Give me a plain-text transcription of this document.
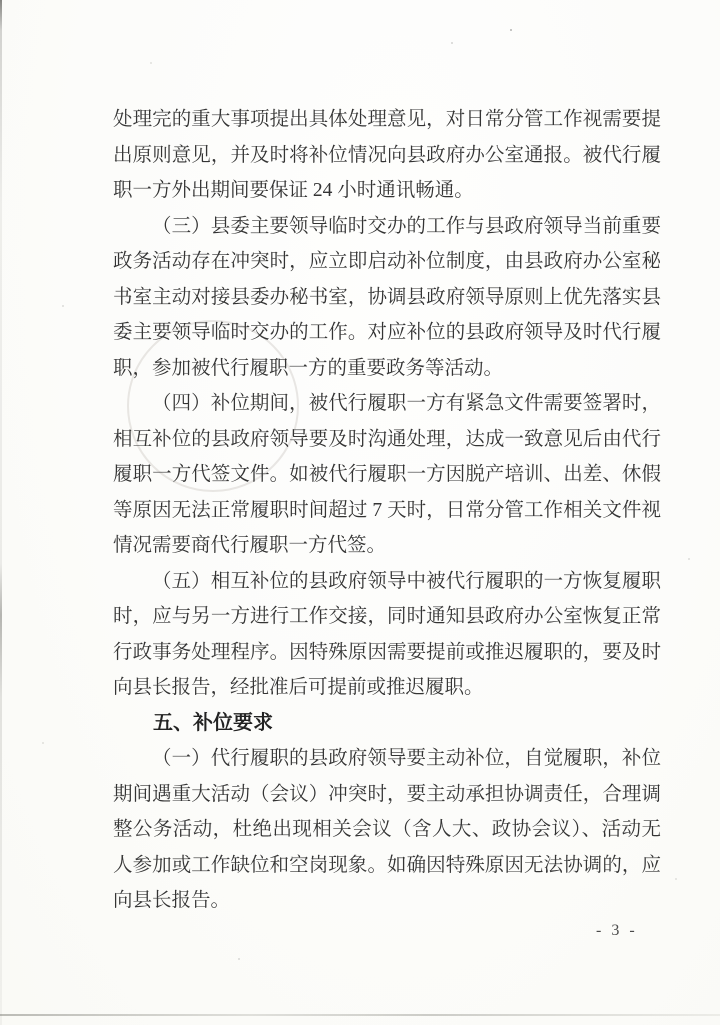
处理完的重大事项提出具体处理意见，对日常分管工作视需要提出原则意见，并及时将补位情况向县政府办公室通报。被代行履职一方外出期间要保证 24 小时通讯畅通。

（三）县委主要领导临时交办的工作与县政府领导当前重要政务活动存在冲突时，应立即启动补位制度，由县政府办公室秘书室主动对接县委办秘书室，协调县政府领导原则上优先落实县委主要领导临时交办的工作。对应补位的县政府领导及时代行履职，参加被代行履职一方的重要政务等活动。

（四）补位期间，被代行履职一方有紧急文件需要签署时，相互补位的县政府领导要及时沟通处理，达成一致意见后由代行履职一方代签文件。如被代行履职一方因脱产培训、出差、休假等原因无法正常履职时间超过 7 天时，日常分管工作相关文件视情况需要商代行履职一方代签。

（五）相互补位的县政府领导中被代行履职的一方恢复履职时，应与另一方进行工作交接，同时通知县政府办公室恢复正常行政事务处理程序。因特殊原因需要提前或推迟履职的，要及时向县长报告，经批准后可提前或推迟履职。

五、补位要求

（一）代行履职的县政府领导要主动补位，自觉履职，补位期间遇重大活动（会议）冲突时，要主动承担协调责任，合理调整公务活动，杜绝出现相关会议（含人大、政协会议）、活动无人参加或工作缺位和空岗现象。如确因特殊原因无法协调的，应向县长报告。

- 3 -
